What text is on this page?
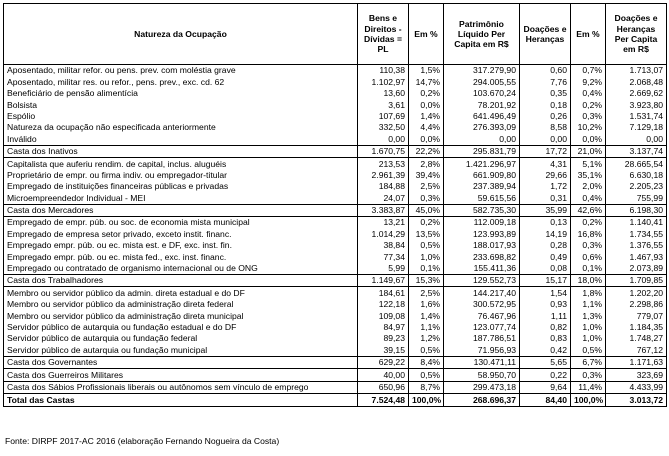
Natureza da Ocupação	Bens e Direitos - Dívidas = PL	Em %	Patrimônio Líquido Per Capita em R$	Doações e Heranças	Em %	Doações e Heranças Per Capita em R$
Aposentado, militar refor. ou pens. prev. com moléstia grave	110,38	1,5%	317.279,90	0,60	0,7%	1.713,07
Aposentado, militar res. ou refor., pens. prev., exc. cd. 62	1.102,97	14,7%	294.005,55	7,76	9,2%	2.068,48
Beneficiário de pensão alimentícia	13,60	0,2%	103.670,24	0,35	0,4%	2.669,62
Bolsista	3,61	0,0%	78.201,92	0,18	0,2%	3.923,80
Espólio	107,69	1,4%	641.496,49	0,26	0,3%	1.531,74
Natureza da ocupação não especificada anteriormente	332,50	4,4%	276.393,09	8,58	10,2%	7.129,18
Inválido	0,00	0,0%	0,00	0,00	0,0%	0,00
Casta dos Inativos	1.670,75	22,2%	295.831,79	17,72	21,0%	3.137,74
Capitalista que auferiu rendim. de capital, inclus. aluguéis	213,53	2,8%	1.421.296,97	4,31	5,1%	28.665,54
Proprietário de empr. ou firma indiv. ou empregador-titular	2.961,39	39,4%	661.909,80	29,66	35,1%	6.630,18
Empregado de instituições financeiras públicas e privadas	184,88	2,5%	237.389,94	1,72	2,0%	2.205,23
Microempreendedor Individual - MEI	24,07	0,3%	59.615,56	0,31	0,4%	755,99
Casta dos Mercadores	3.383,87	45,0%	582.735,30	35,99	42,6%	6.198,30
Empregado de empr. púb. ou soc. de economia mista municipal	13,21	0,2%	112.009,18	0,13	0,2%	1.140,41
Empregado de empresa setor privado, exceto instit. financ.	1.014,29	13,5%	123.993,89	14,19	16,8%	1.734,55
Empregado empr. púb. ou ec. mista est. e DF, exc. inst. fin.	38,84	0,5%	188.017,93	0,28	0,3%	1.376,55
Empregado empr. púb. ou ec. mista fed., exc. inst. financ.	77,34	1,0%	233.698,82	0,49	0,6%	1.467,93
Empregado ou contratado de organismo internacional ou de ONG	5,99	0,1%	155.411,36	0,08	0,1%	2.073,89
Casta dos Trabalhadores	1.149,67	15,3%	129.552,73	15,17	18,0%	1.709,85
Membro ou servidor público da admin. direta estadual e do DF	184,61	2,5%	144.217,40	1,54	1,8%	1.202,20
Membro ou servidor público da administração direta federal	122,18	1,6%	300.572,95	0,93	1,1%	2.298,86
Membro ou servidor público da administração direta municipal	109,08	1,4%	76.467,96	1,11	1,3%	779,07
Servidor público de autarquia ou fundação estadual e do DF	84,97	1,1%	123.077,74	0,82	1,0%	1.184,35
Servidor público de autarquia ou fundação federal	89,23	1,2%	187.786,51	0,83	1,0%	1.748,27
Servidor público de autarquia ou fundação municipal	39,15	0,5%	71.956,93	0,42	0,5%	767,12
Casta dos Governantes	629,22	8,4%	130.471,11	5,65	6,7%	1.171,63
Casta dos Guerreiros Militares	40,00	0,5%	58.950,70	0,22	0,3%	323,69
Casta dos Sábios Profissionais liberais ou autônomos sem vínculo de emprego	650,96	8,7%	299.473,18	9,64	11,4%	4.433,99
Total das Castas	7.524,48	100,0%	268.696,37	84,40	100,0%	3.013,72
Fonte: DIRPF 2017-AC 2016 (elaboração Fernando Nogueira da Costa)
